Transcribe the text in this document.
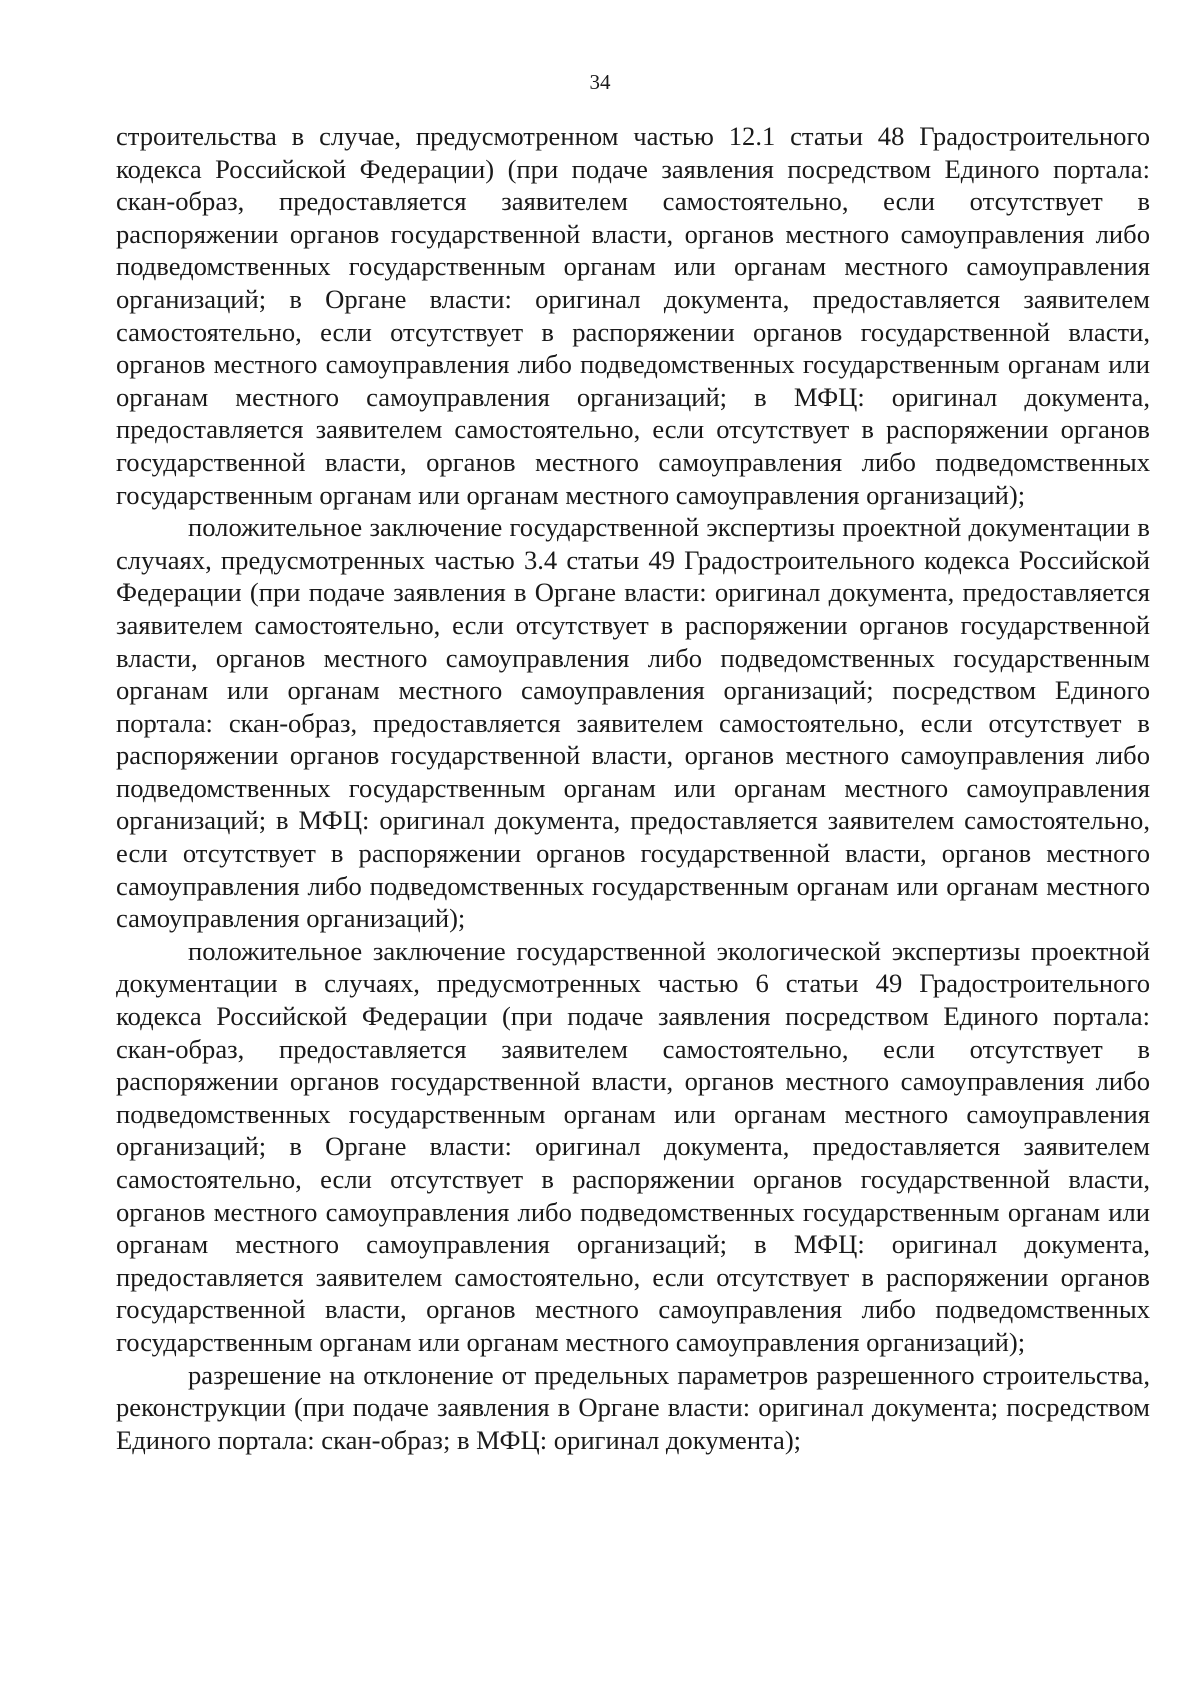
34

строительства в случае, предусмотренном частью 12.1 статьи 48 Градостроительного кодекса Российской Федерации) (при подаче заявления посредством Единого портала: скан-образ, предоставляется заявителем самостоятельно, если отсутствует в распоряжении органов государственной власти, органов местного самоуправления либо подведомственных государственным органам или органам местного самоуправления организаций; в Органе власти: оригинал документа, предоставляется заявителем самостоятельно, если отсутствует в распоряжении органов государственной власти, органов местного самоуправления либо подведомственных государственным органам или органам местного самоуправления организаций; в МФЦ: оригинал документа, предоставляется заявителем самостоятельно, если отсутствует в распоряжении органов государственной власти, органов местного самоуправления либо подведомственных государственным органам или органам местного самоуправления организаций);

положительное заключение государственной экспертизы проектной документации в случаях, предусмотренных частью 3.4 статьи 49 Градостроительного кодекса Российской Федерации (при подаче заявления в Органе власти: оригинал документа, предоставляется заявителем самостоятельно, если отсутствует в распоряжении органов государственной власти, органов местного самоуправления либо подведомственных государственным органам или органам местного самоуправления организаций; посредством Единого портала: скан-образ, предоставляется заявителем самостоятельно, если отсутствует в распоряжении органов государственной власти, органов местного самоуправления либо подведомственных государственным органам или органам местного самоуправления организаций; в МФЦ: оригинал документа, предоставляется заявителем самостоятельно, если отсутствует в распоряжении органов государственной власти, органов местного самоуправления либо подведомственных государственным органам или органам местного самоуправления организаций);

положительное заключение государственной экологической экспертизы проектной документации в случаях, предусмотренных частью 6 статьи 49 Градостроительного кодекса Российской Федерации (при подаче заявления посредством Единого портала: скан-образ, предоставляется заявителем самостоятельно, если отсутствует в распоряжении органов государственной власти, органов местного самоуправления либо подведомственных государственным органам или органам местного самоуправления организаций; в Органе власти: оригинал документа, предоставляется заявителем самостоятельно, если отсутствует в распоряжении органов государственной власти, органов местного самоуправления либо подведомственных государственным органам или органам местного самоуправления организаций; в МФЦ: оригинал документа, предоставляется заявителем самостоятельно, если отсутствует в распоряжении органов государственной власти, органов местного самоуправления либо подведомственных государственным органам или органам местного самоуправления организаций);

разрешение на отклонение от предельных параметров разрешенного строительства, реконструкции (при подаче заявления в Органе власти: оригинал документа; посредством Единого портала: скан-образ; в МФЦ: оригинал документа);
